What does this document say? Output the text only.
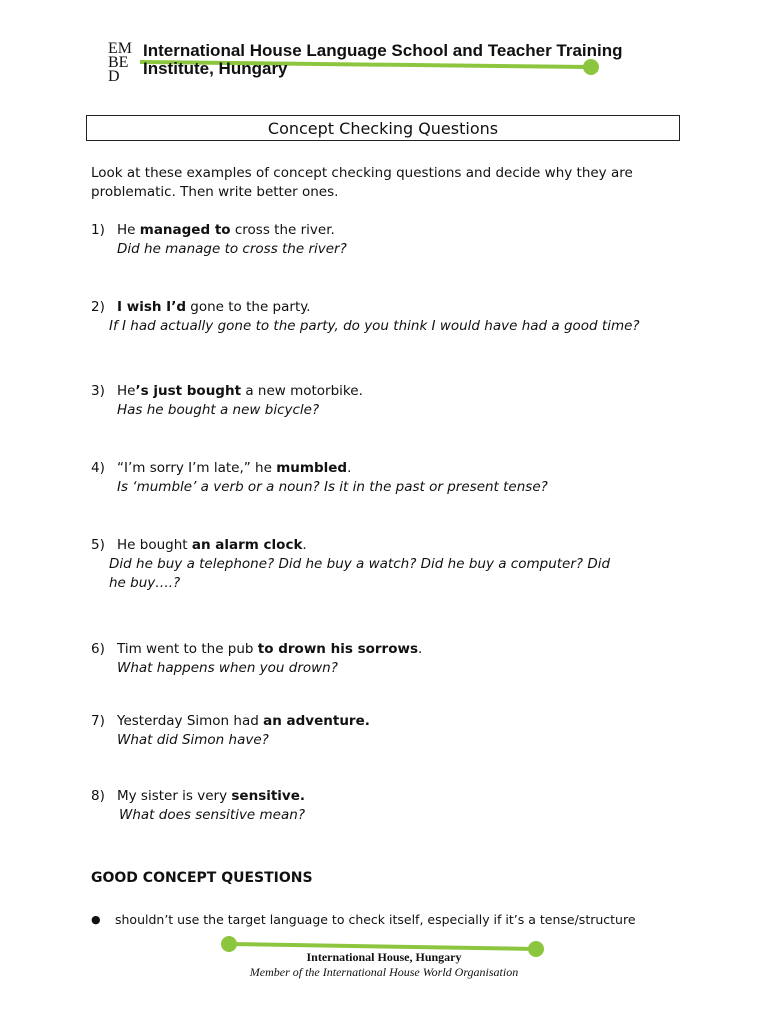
EMBED
International House Language School and Teacher Training Institute, Hungary
Concept Checking Questions
Look at these examples of concept checking questions and decide why they are problematic. Then write better ones.
1) He managed to cross the river.
Did he manage to cross the river?
2) I wish I’d gone to the party.
If I had actually gone to the party, do you think I would have had a good time?
3) He’s just bought a new motorbike.
Has he bought a new bicycle?
4) “I’m sorry I’m late,” he mumbled.
Is ‘mumble’ a verb or a noun? Is it in the past or present tense?
5) He bought an alarm clock.
Did he buy a telephone? Did he buy a watch? Did he buy a computer? Did he buy….?
6) Tim went to the pub to drown his sorrows.
What happens when you drown?
7) Yesterday Simon had an adventure.
What did Simon have?
8) My sister is very sensitive.
What does sensitive mean?
GOOD CONCEPT QUESTIONS
●	shouldn’t use the target language to check itself, especially if it’s a tense/structure
International House, Hungary
Member of the International House World Organisation
